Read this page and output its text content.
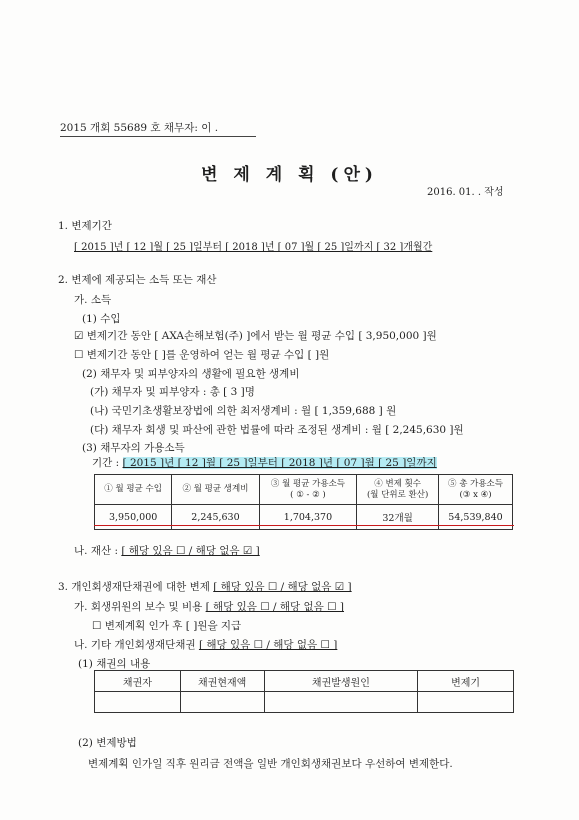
2015 개회 55689 호 채무자: 이 .
변 제 계 획 (안)
2016. 01. . 작성
1. 변제기간
[ 2015 ]년 [ 12 ]월 [ 25 ]일부터 [ 2018 ]년 [ 07 ]월 [ 25 ]일까지 [ 32 ]개월간
2. 변제에 제공되는 소득 또는 재산
가. 소득
(1) 수입
☑ 변제기간 동안 [ AXA손해보험(주) ]에서 받는 월 평균 수입 [ 3,950,000 ]원
☐ 변제기간 동안 [ ]를 운영하여 얻는 월 평균 수입 [ ]원
(2) 채무자 및 피부양자의 생활에 필요한 생계비
(가) 채무자 및 피부양자 : 총 [ 3 ]명
(나) 국민기초생활보장법에 의한 최저생계비 : 월 [ 1,359,688 ] 원
(다) 채무자 회생 및 파산에 관한 법률에 따라 조정된 생계비 : 월 [ 2,245,630 ]원
(3) 채무자의 가용소득
기간 : [ 2015 ]년 [ 12 ]월 [ 25 ]일부터 [ 2018 ]년 [ 07 ]월 [ 25 ]일까지
① 월 평균 수입	② 월 평균 생계비	③ 월 평균 가용소득
( ① - ② )	④ 변제 횟수
(월 단위로 환산)	⑤ 총 가용소득
(③ x ④)
3,950,000	2,245,630	1,704,370	32개월	54,539,840
나. 재산 : [ 해당 있음 ☐ / 해당 없음 ☑ ]
3. 개인회생재단채권에 대한 변제 [ 해당 있음 ☐ / 해당 없음 ☑ ]
가. 회생위원의 보수 및 비용 [ 해당 있음 ☐ / 해당 없음 ☐ ]
☐ 변제계획 인가 후 [ ]원을 지급
나. 기타 개인회생재단채권 [ 해당 있음 ☐ / 해당 없음 ☐ ]
(1) 채권의 내용
채권자	채권현재액	채권발생원인	변제기

(2) 변제방법
변제계획 인가일 직후 원리금 전액을 일반 개인회생채권보다 우선하여 변제한다.
